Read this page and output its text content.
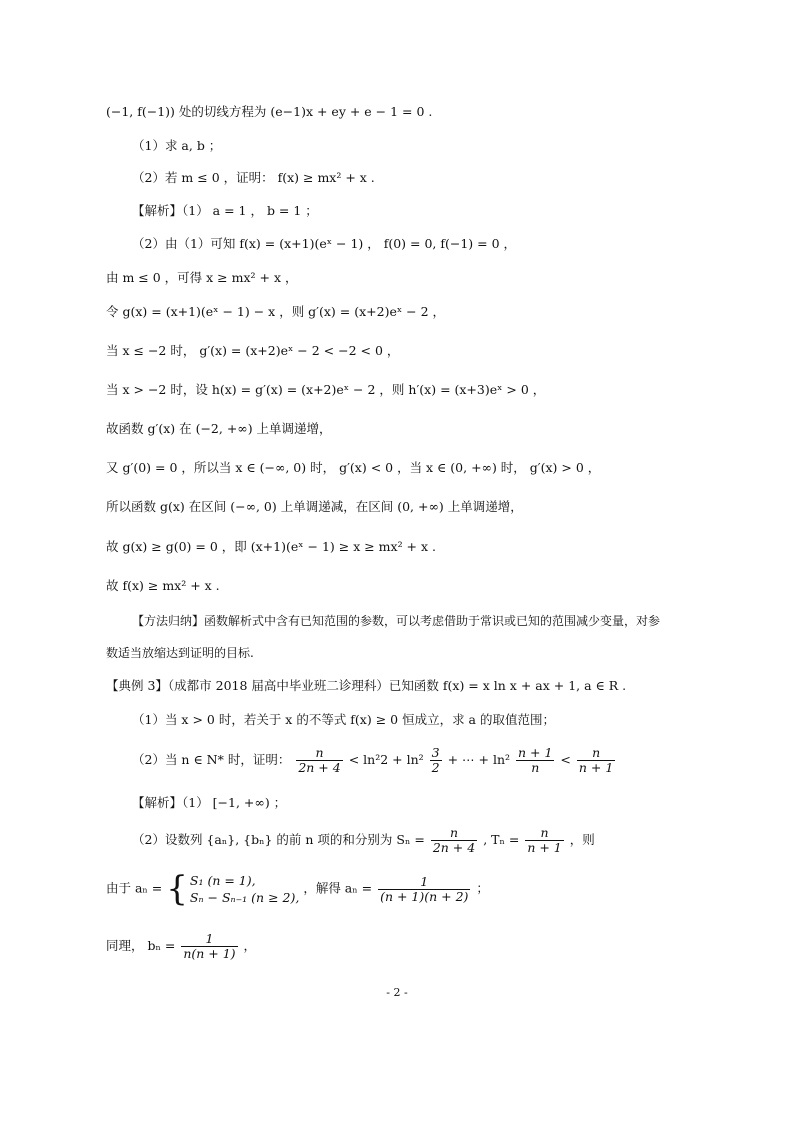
(−1, f(−1)) 处的切线方程为 (e−1)x + ey + e − 1 = 0 .
（1）求 a, b ；
（2）若 m ≤ 0 ，证明： f(x) ≥ mx² + x .
【解析】（1） a = 1 ， b = 1 ；
（2）由（1）可知 f(x) = (x+1)(eˣ − 1) ， f(0) = 0, f(−1) = 0 ，
由 m ≤ 0 ，可得 x ≥ mx² + x ，
令 g(x) = (x+1)(eˣ − 1) − x ，则 g′(x) = (x+2)eˣ − 2 ，
当 x ≤ −2 时， g′(x) = (x+2)eˣ − 2 < −2 < 0 ，
当 x > −2 时，设 h(x) = g′(x) = (x+2)eˣ − 2 ，则 h′(x) = (x+3)eˣ > 0 ，
故函数 g′(x) 在 (−2, +∞) 上单调递增，
又 g′(0) = 0 ，所以当 x ∈ (−∞, 0) 时， g′(x) < 0 ，当 x ∈ (0, +∞) 时， g′(x) > 0 ，
所以函数 g(x) 在区间 (−∞, 0) 上单调递减，在区间 (0, +∞) 上单调递增，
故 g(x) ≥ g(0) = 0 ，即 (x+1)(eˣ − 1) ≥ x ≥ mx² + x .
故 f(x) ≥ mx² + x .
【方法归纳】函数解析式中含有已知范围的参数，可以考虑借助于常识或已知的范围减少变量，对参
数适当放缩达到证明的目标.
【典例 3】（成都市 2018 届高中毕业班二诊理科）已知函数 f(x) = x ln x + ax + 1, a ∈ R .
（1）当 x > 0 时，若关于 x 的不等式 f(x) ≥ 0 恒成立，求 a 的取值范围；
（2）当 n ∈ N* 时，证明： $\frac{n}{2n + 4} < \ln^22 + \ln^2 \frac{3}{2}$ + ⋯ + $\ln^2 \frac{n + 1}{n} < \frac{n}{n + 1}$
【解析】（1） [−1, +∞) ；
（2）设数列 {aₙ}, {bₙ} 的前 n 项的和分别为 $S_n = \frac{n}{2n + 4}$ , $T_n = \frac{n}{n + 1}$ ，则
由于 aₙ = { S₁ (n = 1),
Sₙ − Sₙ₋₁ (n ≥ 2),
，解得 $a_n = \frac{1}{(n + 1)(n + 2)}$ ；
同理， $b_n = \frac{1}{n(n + 1)}$ ，
- 2 -
